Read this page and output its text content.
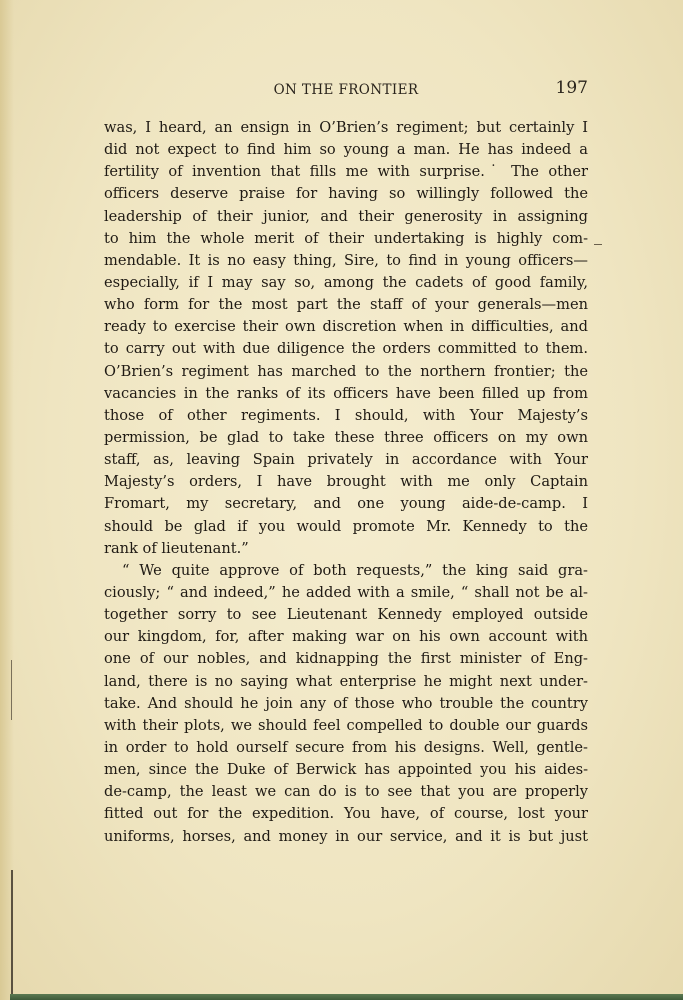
ON THE FRONTIER	197
was, I heard, an ensign in O’Brien’s regiment; but certainly I
did not expect to find him so young a man. He has indeed a
fertility of invention that fills me with surprise.˙ The other
officers deserve praise for having so willingly followed the
leadership of their junior, and their generosity in assigning
to him the whole merit of their undertaking is highly com-
mendable. It is no easy thing, Sire, to find in young officers—
especially, if I may say so, among the cadets of good family,
who form for the most part the staff of your generals—men
ready to exercise their own discretion when in difficulties, and
to carry out with due diligence the orders committed to them.
O’Brien’s regiment has marched to the northern frontier; the
vacancies in the ranks of its officers have been filled up from
those of other regiments. I should, with Your Majesty’s
permission, be glad to take these three officers on my own
staff, as, leaving Spain privately in accordance with Your
Majesty’s orders, I have brought with me only Captain
Fromart, my secretary, and one young aide-de-camp. I
should be glad if you would promote Mr. Kennedy to the
rank of lieutenant.”
“ We quite approve of both requests,” the king said gra-
ciously; “ and indeed,” he added with a smile, “ shall not be al-
together sorry to see Lieutenant Kennedy employed outside
our kingdom, for, after making war on his own account with
one of our nobles, and kidnapping the first minister of Eng-
land, there is no saying what enterprise he might next under-
take. And should he join any of those who trouble the country
with their plots, we should feel compelled to double our guards
in order to hold ourself secure from his designs. Well, gentle-
men, since the Duke of Berwick has appointed you his aides-
de-camp, the least we can do is to see that you are properly
fitted out for the expedition. You have, of course, lost your
uniforms, horses, and money in our service, and it is but just
